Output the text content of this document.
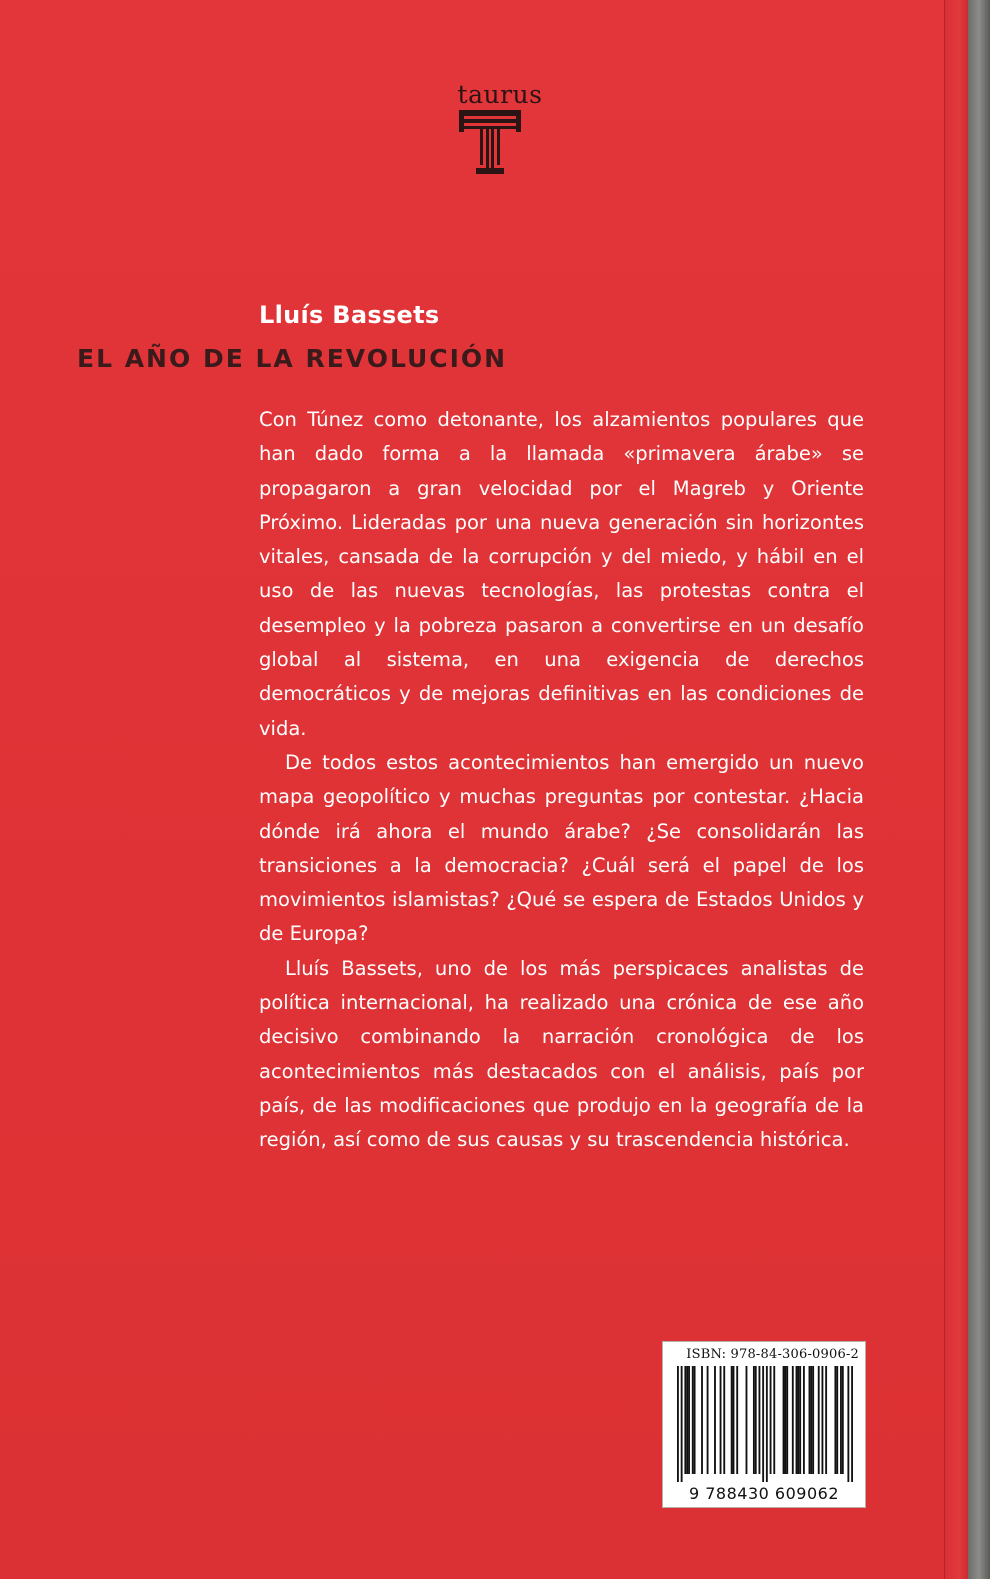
taurus
Lluís Bassets
EL AÑO DE LA REVOLUCIÓN

Con Túnez como detonante, los alzamientos populares que han dado forma a la llamada «primavera árabe» se propagaron a gran velocidad por el Magreb y Oriente Próximo. Lideradas por una nueva generación sin horizontes vitales, cansada de la corrupción y del miedo, y hábil en el uso de las nuevas tecnologías, las protestas contra el desempleo y la pobreza pasaron a convertirse en un desafío global al sistema, en una exigencia de derechos democráticos y de mejoras definitivas en las condiciones de vida.

De todos estos acontecimientos han emergido un nuevo mapa geopolítico y muchas preguntas por contestar. ¿Hacia dónde irá ahora el mundo árabe? ¿Se consolidarán las transiciones a la democracia? ¿Cuál será el papel de los movimientos islamistas? ¿Qué se espera de Estados Unidos y de Europa?

Lluís Bassets, uno de los más perspicaces analistas de política internacional, ha realizado una crónica de ese año decisivo combinando la narración cronológica de los acontecimientos más destacados con el análisis, país por país, de las modificaciones que produjo en la geografía de la región, así como de sus causas y su trascendencia histórica.

ISBN: 978-84-306-0906-2
9 788430 609062
